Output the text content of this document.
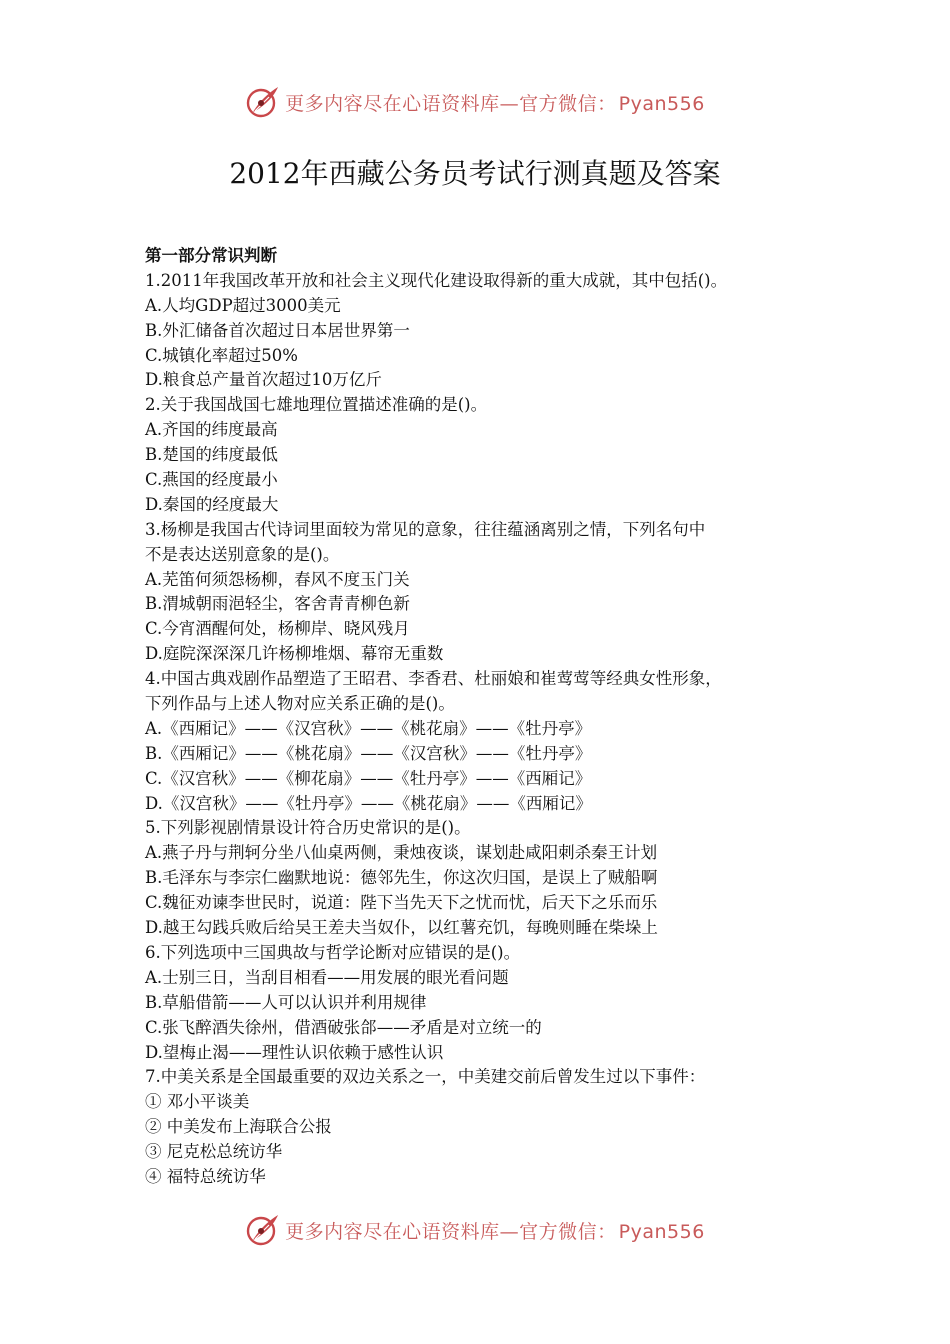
更多内容尽在心语资料库—官方微信： Pyan556
2012年西藏公务员考试行测真题及答案
第一部分常识判断
1.2011年我国改革开放和社会主义现代化建设取得新的重大成就，其中包括()。
A.人均GDP超过3000美元
B.外汇储备首次超过日本居世界第一
C.城镇化率超过50%
D.粮食总产量首次超过10万亿斤
2.关于我国战国七雄地理位置描述准确的是()。
A.齐国的纬度最高
B.楚国的纬度最低
C.燕国的经度最小
D.秦国的经度最大
3.杨柳是我国古代诗词里面较为常见的意象，往往蕴涵离别之情，下列名句中
不是表达送别意象的是()。
A.芜笛何须怨杨柳，春风不度玉门关
B.渭城朝雨浥轻尘，客舍青青柳色新
C.今宵酒醒何处，杨柳岸、晓风残月
D.庭院深深深几许杨柳堆烟、幕帘无重数
4.中国古典戏剧作品塑造了王昭君、李香君、杜丽娘和崔莺莺等经典女性形象，
下列作品与上述人物对应关系正确的是()。
A.《西厢记》——《汉宫秋》——《桃花扇》——《牡丹亭》
B.《西厢记》——《桃花扇》——《汉宫秋》——《牡丹亭》
C.《汉宫秋》——《柳花扇》——《牡丹亭》——《西厢记》
D.《汉宫秋》——《牡丹亭》——《桃花扇》——《西厢记》
5.下列影视剧情景设计符合历史常识的是()。
A.燕子丹与荆轲分坐八仙桌两侧，秉烛夜谈，谋划赴咸阳刺杀秦王计划
B.毛泽东与李宗仁幽默地说：德邻先生，你这次归国，是误上了贼船啊
C.魏征劝谏李世民时，说道：陛下当先天下之忧而忧，后天下之乐而乐
D.越王勾践兵败后给吴王差夫当奴仆，以红薯充饥，每晚则睡在柴垛上
6.下列选项中三国典故与哲学论断对应错误的是()。
A.士别三日，当刮目相看——用发展的眼光看问题
B.草船借箭——人可以认识并利用规律
C.张飞醉酒失徐州，借酒破张郃——矛盾是对立统一的
D.望梅止渴——理性认识依赖于感性认识
7.中美关系是全国最重要的双边关系之一，中美建交前后曾发生过以下事件：
① 邓小平谈美
② 中美发布上海联合公报
③ 尼克松总统访华
④ 福特总统访华
更多内容尽在心语资料库—官方微信： Pyan556
